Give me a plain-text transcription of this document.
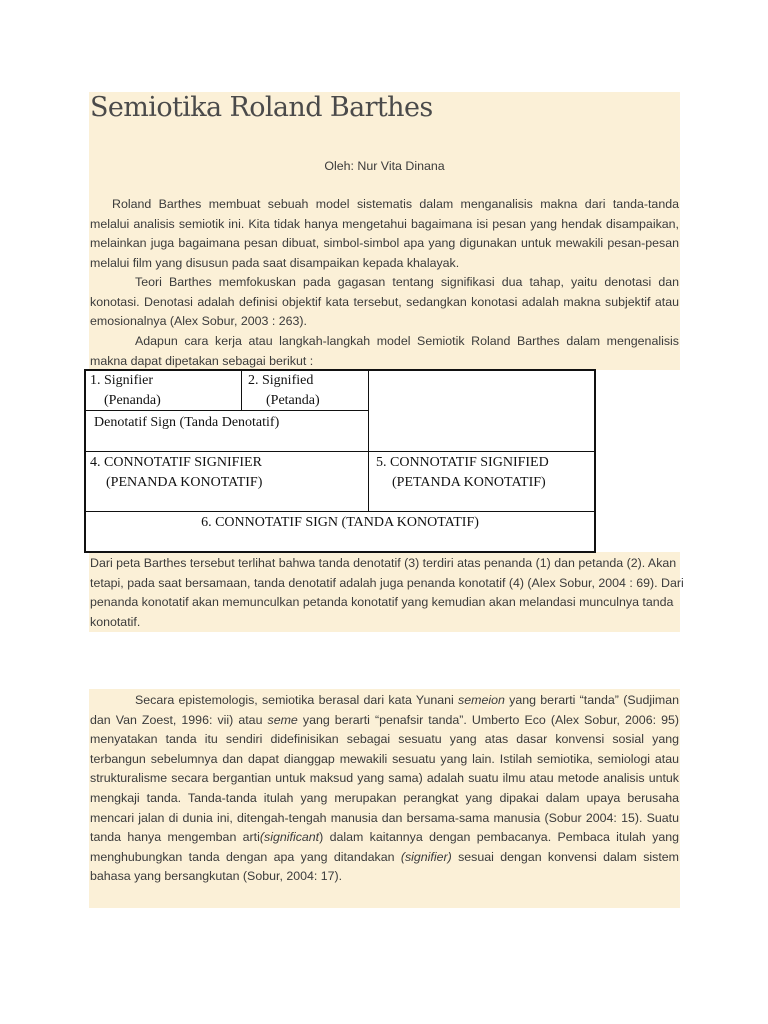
Semiotika Roland Barthes

Oleh: Nur Vita Dinana

Roland Barthes membuat sebuah model sistematis dalam menganalisis makna dari tanda-tanda melalui analisis semiotik ini. Kita tidak hanya mengetahui bagaimana isi pesan yang hendak disampaikan, melainkan juga bagaimana pesan dibuat, simbol-simbol apa yang digunakan untuk mewakili pesan-pesan melalui film yang disusun pada saat disampaikan kepada khalayak.

Teori Barthes memfokuskan pada gagasan tentang signifikasi dua tahap, yaitu denotasi dan konotasi. Denotasi adalah definisi objektif kata tersebut, sedangkan konotasi adalah makna subjektif atau emosionalnya (Alex Sobur, 2003 : 263).

Adapun cara kerja atau langkah-langkah model Semiotik Roland Barthes dalam mengenalisis makna dapat dipetakan sebagai berikut :

1. Signifier
(Penanda)
2. Signified
(Petanda)
Denotatif Sign (Tanda Denotatif)
4. CONNOTATIF SIGNIFIER
(PENANDA KONOTATIF)
5. CONNOTATIF SIGNIFIED
(PETANDA KONOTATIF)
6. CONNOTATIF SIGN (TANDA KONOTATIF)

Dari peta Barthes tersebut terlihat bahwa tanda denotatif (3) terdiri atas penanda (1) dan petanda (2). Akan tetapi, pada saat bersamaan, tanda denotatif adalah juga penanda konotatif (4) (Alex Sobur, 2004 : 69). Dari penanda konotatif akan memunculkan petanda konotatif yang kemudian akan melandasi munculnya tanda konotatif.

Secara epistemologis, semiotika berasal dari kata Yunani semeion yang berarti “tanda” (Sudjiman dan Van Zoest, 1996: vii) atau seme yang berarti “penafsir tanda”. Umberto Eco (Alex Sobur, 2006: 95) menyatakan tanda itu sendiri didefinisikan sebagai sesuatu yang atas dasar konvensi sosial yang terbangun sebelumnya dan dapat dianggap mewakili sesuatu yang lain. Istilah semiotika, semiologi atau strukturalisme secara bergantian untuk maksud yang sama) adalah suatu ilmu atau metode analisis untuk mengkaji tanda. Tanda-tanda itulah yang merupakan perangkat yang dipakai dalam upaya berusaha mencari jalan di dunia ini, ditengah-tengah manusia dan bersama-sama manusia (Sobur 2004: 15). Suatu tanda hanya mengemban arti(significant) dalam kaitannya dengan pembacanya. Pembaca itulah yang menghubungkan tanda dengan apa yang ditandakan (signifier) sesuai dengan konvensi dalam sistem bahasa yang bersangkutan (Sobur, 2004: 17).
